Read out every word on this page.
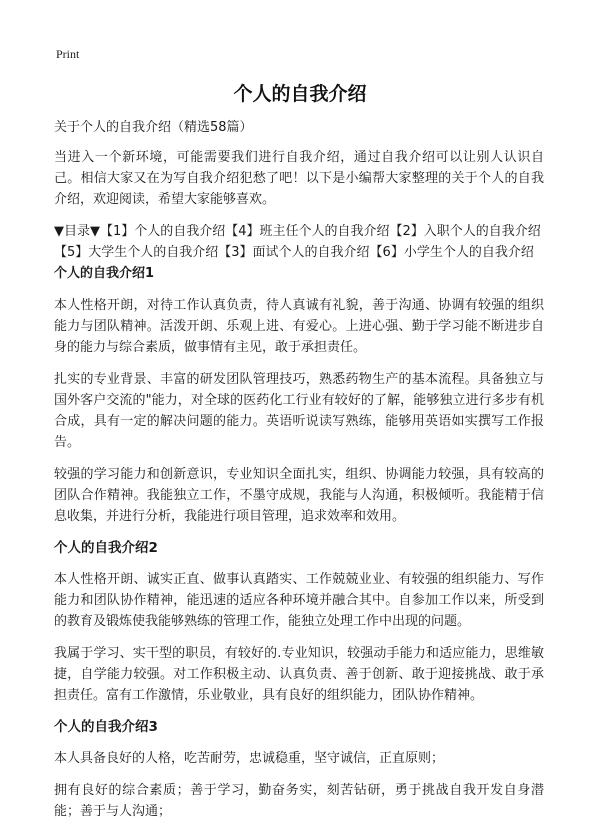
Print
个人的自我介绍

关于个人的自我介绍（精选58篇）

当进入一个新环境，可能需要我们进行自我介绍，通过自我介绍可以让别人认识自己。相信大家又在为写自我介绍犯愁了吧！以下是小编帮大家整理的关于个人的自我介绍，欢迎阅读，希望大家能够喜欢。

▼目录▼【1】个人的自我介绍【4】班主任个人的自我介绍【2】入职个人的自我介绍【5】大学生个人的自我介绍【3】面试个人的自我介绍【6】小学生个人的自我介绍个人的自我介绍1

本人性格开朗，对待工作认真负责，待人真诚有礼貌，善于沟通、协调有较强的组织能力与团队精神。活泼开朗、乐观上进、有爱心。上进心强、勤于学习能不断进步自身的能力与综合素质，做事情有主见，敢于承担责任。

扎实的专业背景、丰富的研发团队管理技巧，熟悉药物生产的基本流程。具备独立与国外客户交流的"能力，对全球的医药化工行业有较好的了解，能够独立进行多步有机合成，具有一定的解决问题的能力。英语听说读写熟练，能够用英语如实撰写工作报告。

较强的学习能力和创新意识，专业知识全面扎实，组织、协调能力较强，具有较高的团队合作精神。我能独立工作，不墨守成规，我能与人沟通，积极倾听。我能精于信息收集，并进行分析，我能进行项目管理，追求效率和效用。

个人的自我介绍2

本人性格开朗、诚实正直、做事认真踏实、工作兢兢业业、有较强的组织能力、写作能力和团队协作精神，能迅速的适应各种环境并融合其中。自参加工作以来，所受到的教育及锻炼使我能够熟练的管理工作，能独立处理工作中出现的问题。

我属于学习、实干型的职员，有较好的.专业知识，较强动手能力和适应能力，思维敏捷，自学能力较强。对工作积极主动、认真负责、善于创新、敢于迎接挑战、敢于承担责任。富有工作激情，乐业敬业，具有良好的组织能力，团队协作精神。

个人的自我介绍3

本人具备良好的人格，吃苦耐劳，忠诚稳重，坚守诚信，正直原则；

拥有良好的综合素质；善于学习，勤奋务实，刻苦钻研，勇于挑战自我开发自身潜能；善于与人沟通；
